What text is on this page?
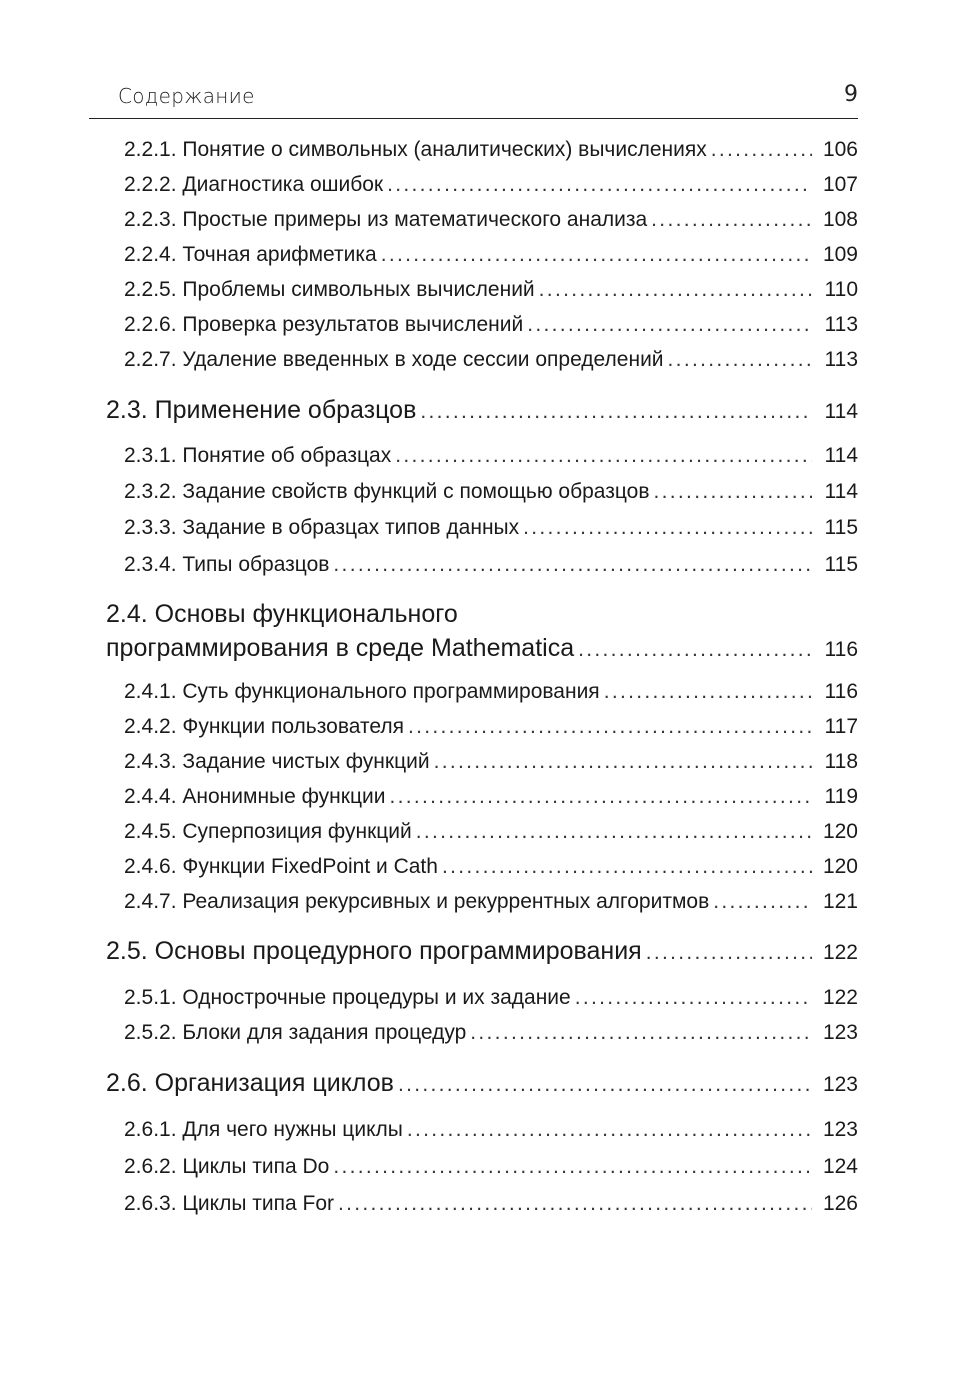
Содержание	9
2.2.1. Понятие о символьных (аналитических) вычислениях .....	106
2.2.2. Диагностика ошибок .....	107
2.2.3. Простые примеры из математического анализа .....	108
2.2.4. Точная арифметика .....	109
2.2.5. Проблемы символьных вычислений .....	110
2.2.6. Проверка результатов вычислений .....	113
2.2.7. Удаление введенных в ходе сессии определений .....	113
2.3. Применение образцов .....	114
2.3.1. Понятие об образцах .....	114
2.3.2. Задание свойств функций с помощью образцов .....	114
2.3.3. Задание в образцах типов данных .....	115
2.3.4. Типы образцов .....	115
2.4. Основы функционального
программирования в среде Mathematica .....	116
2.4.1. Суть функционального программирования .....	116
2.4.2. Функции пользователя .....	117
2.4.3. Задание чистых функций .....	118
2.4.4. Анонимные функции .....	119
2.4.5. Суперпозиция функций .....	120
2.4.6. Функции FixedPoint и Cath .....	120
2.4.7. Реализация рекурсивных и рекуррентных алгоритмов .....	121
2.5. Основы процедурного программирования .....	122
2.5.1. Однострочные процедуры и их задание .....	122
2.5.2. Блоки для задания процедур .....	123
2.6. Организация циклов .....	123
2.6.1. Для чего нужны циклы .....	123
2.6.2. Циклы типа Do .....	124
2.6.3. Циклы типа For .....	126
